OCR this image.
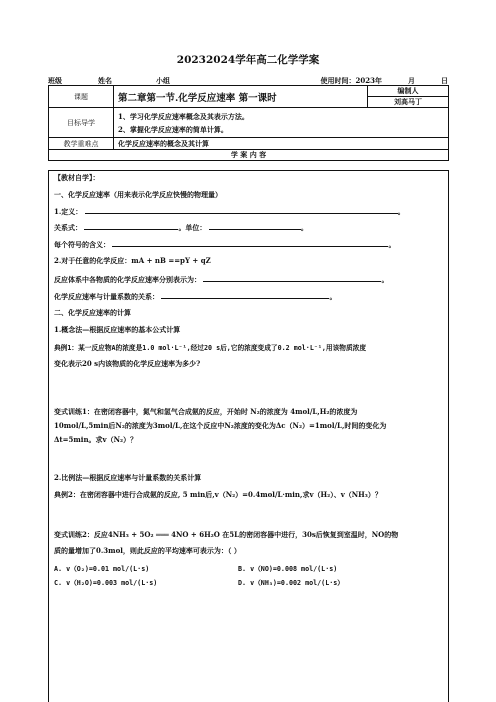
20232024学年高二化学学案
班级	姓名	小组	使用时间：2023年	月	日
课题	第二章第一节.化学反应速率 第一课时	编制人
		刘高马丁
目标导学	1、学习化学反应速率概念及其表示方法。
2、掌握化学反应速率的简单计算。	

教学重难点	化学反应速率的概念及其计算	
学 案 内 容		
【教材自学】：
一、化学反应速率（用来表示化学反应快慢的物理量）
1.定义：	。
关系式：	。单位：	。
每个符号的含义：	。
2.对于任意的化学反应：mA + nB ==pY + qZ
反应体系中各物质的化学反应速率分别表示为：	。
化学反应速率与计量系数的关系：	。
二、化学反应速率的计算
1.概念法—根据反应速率的基本公式计算
典例1：某一反应物A的浓度是1.0 mol·L⁻¹,经过20 s后,它的浓度变成了0.2 mol·L⁻¹,用该物质浓度
变化表示20 s内该物质的化学反应速率为多少?
变式训练1：在密闭容器中，氮气和氢气合成氨的反应，开始时 N₂的浓度为 4mol/L,H₂的浓度为
10mol/L,5min后N₂的浓度为3mol/L,在这个反应中N₂浓度的变化为Δc（N₂）=1mol/L,时间的变化为
Δt=5min。求v（N₂）？
2.比例法—根据反应速率与计量系数的关系计算
典例2：在密闭容器中进行合成氨的反应, 5 min后,v（N₂）=0.4mol/L·min,求v（H₂）、v（NH₃）？
变式训练2：反应4NH₃ + 5O₂ ═══ 4NO + 6H₂O 在5L的密闭容器中进行，30s后恢复到室温时，NO的物
质的量增加了0.3mol，则此反应的平均速率可表示为：（ ）
A. v（O₂)=0.01 mol/(L·s)	B. v（NO)=0.008 mol/(L·s)
C. v（H₂O)=0.003 mol/(L·s)	D. v（NH₃)=0.002 mol/(L·s）
